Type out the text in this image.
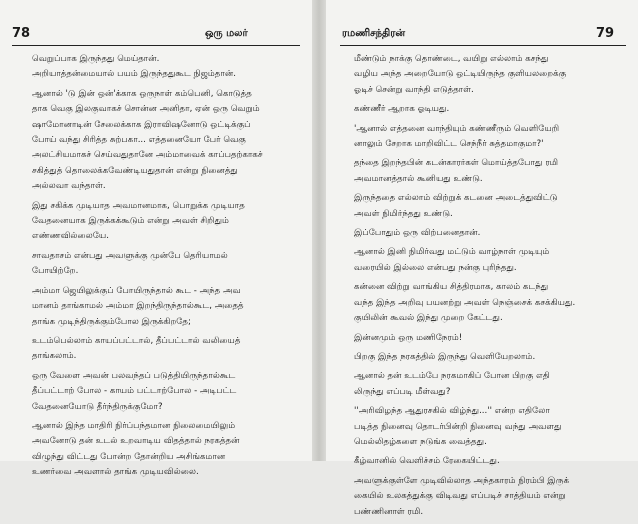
78	ஒரு மலர்
வெறுப்பாக இருந்தது மெய்தான்.
அறியாத்தன்மையால் பயம் இருந்ததுகூட நிஜம்தான்.
ஆனால் 'டு இன் ஒன்'க்காக ஒருநாள் கம்பெனி, கொடுத்த
தாக வெகு இலகுவாகச் சொன்ன அனிதா, ஏன் ஒரு வெறும்
ஷாமோனாடின் சேலைக்காக இராவிஷனோடு ஒட்டிக்குப்
போய் வந்து சிரித்த சுற்பகா... எத்தனையோ பேர் வெகு
அலட்சியமாகச் செய்வதுதானே அம்மாவைக் காப்பதற்காகச்
சகித்துத் தொலைக்கவேண்டியதுதான் என்று நினைத்து
அல்லவா வந்தாள்.
இது சகிக்க முடியாத அவமானமாக, பொறுக்க முடியாத
வேதனையாக இருக்கக்கூடும் என்று அவள் சிறிதும்
எண்ணவில்லையே.
சாவதாசம் என்பது அவளுக்கு முன்பே தெரியாமல்
போயிற்றே.
அம்மா ஜெயிலுக்குப் போயிருந்தால் கூட - அந்த அவ
மானம் தாங்காமல் அம்மா இறந்திருந்தால்கூட, அதைத்
தாங்க முடிந்திருக்கும்போல இருக்கிறதே;
உடம்பெல்லாம் காயப்பட்டால், தீப்பட்டால் வலியைத்
தாங்கலாம்.
ஒரு வேளை அவன் பலவந்தப் படுத்தியிருந்தால்கூட
தீப்பட்டாற் போல - காயம் பட்டாற்போல - அடிபட்ட
வேதனையோடு தீர்ந்திருக்குமோ?
ஆனால் இந்த மாதிரி நிர்ப்பந்தமான நிலைமையிலும்
அவனோடு தன் உடல் உறவாடிய விதத்தால் நரகத்தன்
விழுந்து விட்டது போன்ற தோன்றிய அசிங்கமான
உணர்வை அவளால் தாங்க முடியவில்லை.
ரமணிசந்திரன்	79
மீண்டும் நாக்கு தொண்டை, வயிறு எல்லாம் கசந்து
வழிய அந்த அறையோடு ஒட்டியிருந்த குளியலறைக்கு
ஓடிச் சென்று வாந்தி எடுத்தாள்.
கண்ணீர் ஆறாக ஓடியது.
'ஆனால் எத்தனை வாந்தியும் கண்ணீரும் வெளியேறி
னாலும் சேறாக மாறிவிட்ட செந்நீர் சுத்தமாகுமா?'
தந்தை இறந்தபின் கடன்காரர்கள் மொய்த்தபோது ரமி
அவமானத்தால் கூனியது உண்டு.
இருந்ததை எல்லாம் விற்றுக் கடனை அடைத்துவிட்டு
அவள் நிமிர்ந்தது உண்டு.
இப்போதும் ஒரு விற்பனைதான்.
ஆனால் இனி நிமிர்வது மட்டும் வாழ்நாள் முடியும்
வரையில் இல்லை என்பது நன்கு புரிந்தது.
கன்னை விற்று வாங்கிய சித்திரமாக, காலம் கடந்து
வந்த இந்த அறிவு பயனற்று அவள் நெஞ்சைக் கசக்கியது.
குயிலின் கூவல் இந்து முறை கேட்டது.
இன்னமும் ஒரு மணிநேரம்!
பிறகு இந்த நரகத்தில் இருந்து வெளியேறலாம்.
ஆனால் தன் உடம்பே நரகமாகிப் போன பிறகு எதி
லிருந்து எப்படி மீள்வது?
''அரிவிழந்த ஆதுரசகில் விழ்ந்து...'' என்ற எதிலோ
படித்த நினைவு தொடர்பின்றி நினைவு வந்து அவளது
மெல்லிதழ்களை நடுங்க வைத்தது.
கீழ்வானில் வெளிச்சம் ரேகையிட்டது.
அவளுக்குள்ளே முடிவில்லாத அந்தகாரம் நிரம்பி இருக்
கையில் உலகத்துக்கு விடிவது எப்படிச் சாத்தியம் என்று
பண்ணினாள் ரமி.
